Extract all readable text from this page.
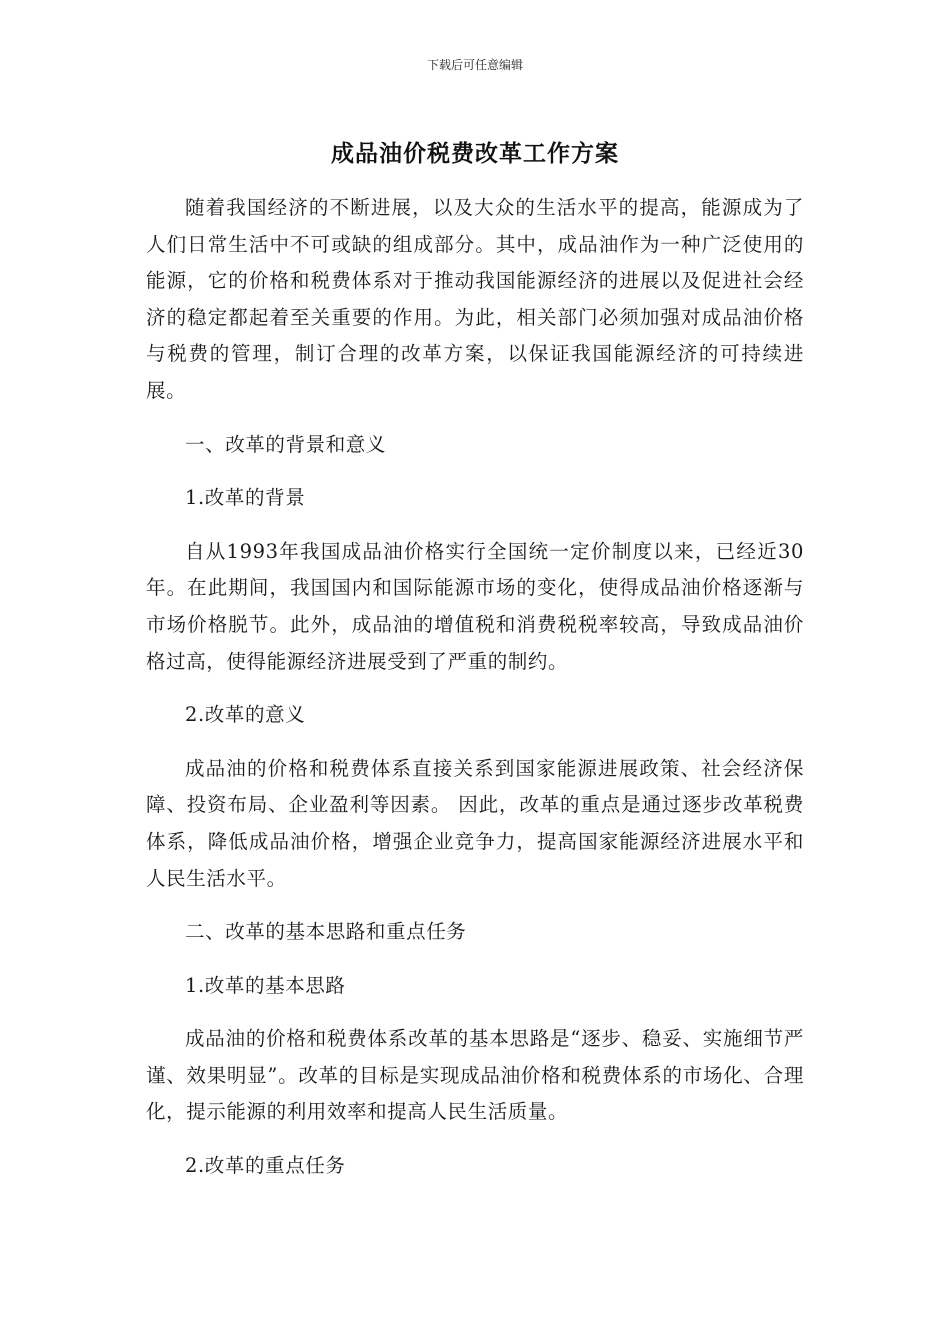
下载后可任意编辑
成品油价税费改革工作方案

随着我国经济的不断进展，以及大众的生活水平的提高，能源成为了人们日常生活中不可或缺的组成部分。其中，成品油作为一种广泛使用的能源，它的价格和税费体系对于推动我国能源经济的进展以及促进社会经济的稳定都起着至关重要的作用。为此，相关部门必须加强对成品油价格与税费的管理，制订合理的改革方案，以保证我国能源经济的可持续进展。

一、改革的背景和意义

1.改革的背景

自从1993年我国成品油价格实行全国统一定价制度以来，已经近30年。在此期间，我国国内和国际能源市场的变化，使得成品油价格逐渐与市场价格脱节。此外，成品油的增值税和消费税税率较高，导致成品油价格过高，使得能源经济进展受到了严重的制约。

2.改革的意义

成品油的价格和税费体系直接关系到国家能源进展政策、社会经济保障、投资布局、企业盈利等因素。 因此，改革的重点是通过逐步改革税费体系，降低成品油价格，增强企业竞争力，提高国家能源经济进展水平和人民生活水平。

二、改革的基本思路和重点任务

1.改革的基本思路

成品油的价格和税费体系改革的基本思路是“逐步、稳妥、实施细节严谨、效果明显”。改革的目标是实现成品油价格和税费体系的市场化、合理化，提示能源的利用效率和提高人民生活质量。

2.改革的重点任务
